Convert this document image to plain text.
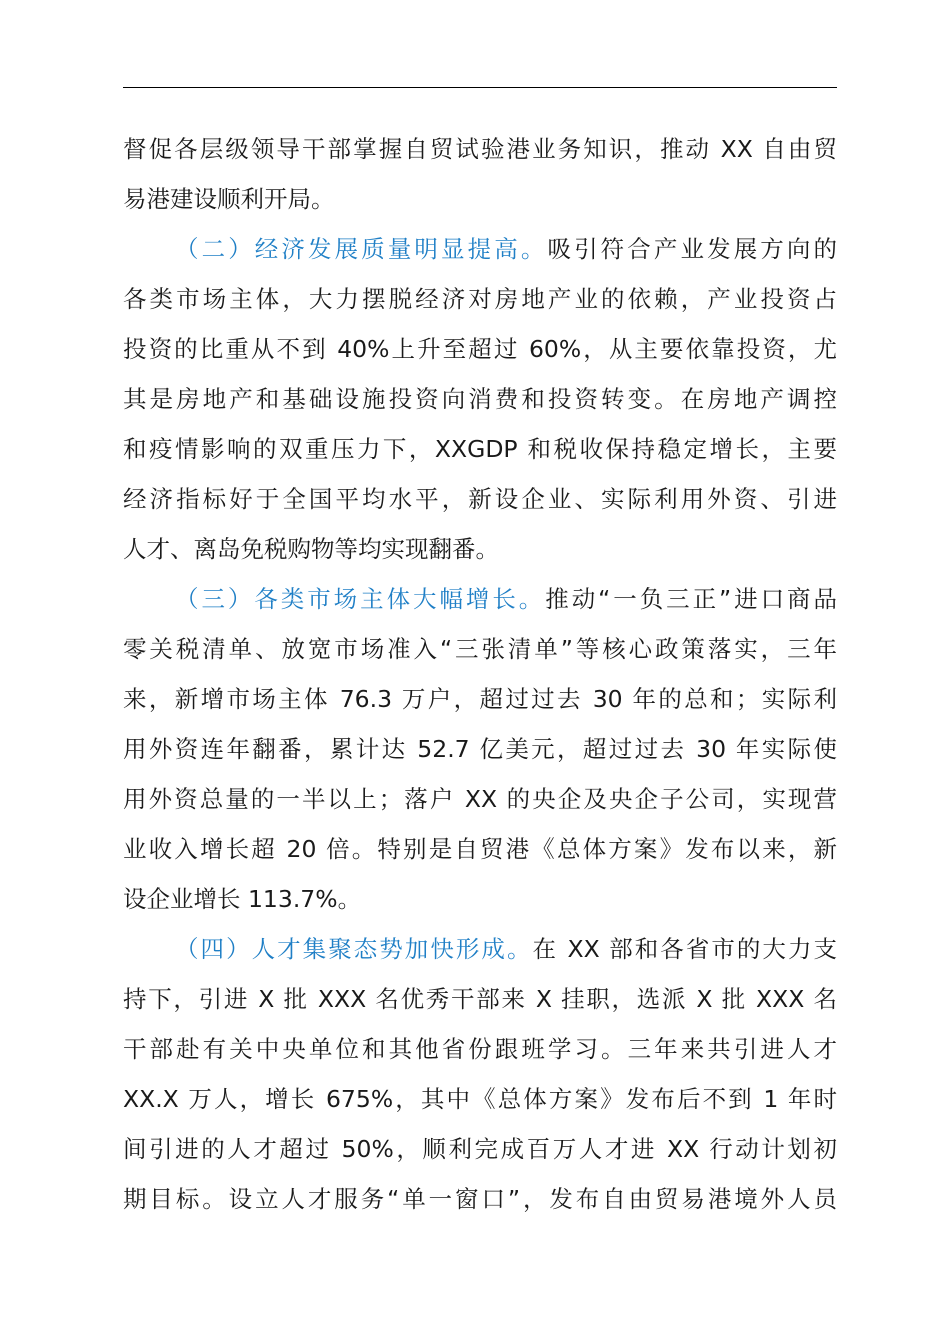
督促各层级领导干部掌握自贸试验港业务知识，推动 XX 自由贸
易港建设顺利开局。
（二）经济发展质量明显提高。吸引符合产业发展方向的
各类市场主体，大力摆脱经济对房地产业的依赖，产业投资占
投资的比重从不到 40%上升至超过 60%，从主要依靠投资，尤
其是房地产和基础设施投资向消费和投资转变。在房地产调控
和疫情影响的双重压力下，XXGDP 和税收保持稳定增长，主要
经济指标好于全国平均水平，新设企业、实际利用外资、引进
人才、离岛免税购物等均实现翻番。
（三）各类市场主体大幅增长。推动“一负三正”进口商品
零关税清单、放宽市场准入“三张清单”等核心政策落实，三年
来，新增市场主体 76.3 万户，超过过去 30 年的总和；实际利
用外资连年翻番，累计达 52.7 亿美元，超过过去 30 年实际使
用外资总量的一半以上；落户 XX 的央企及央企子公司，实现营
业收入增长超 20 倍。特别是自贸港《总体方案》发布以来，新
设企业增长 113.7%。
（四）人才集聚态势加快形成。在 XX 部和各省市的大力支
持下，引进 X 批 XXX 名优秀干部来 X 挂职，选派 X 批 XXX 名
干部赴有关中央单位和其他省份跟班学习。三年来共引进人才
XX.X 万人，增长 675%，其中《总体方案》发布后不到 1 年时
间引进的人才超过 50%，顺利完成百万人才进 XX 行动计划初
期目标。设立人才服务“单一窗口”，发布自由贸易港境外人员
